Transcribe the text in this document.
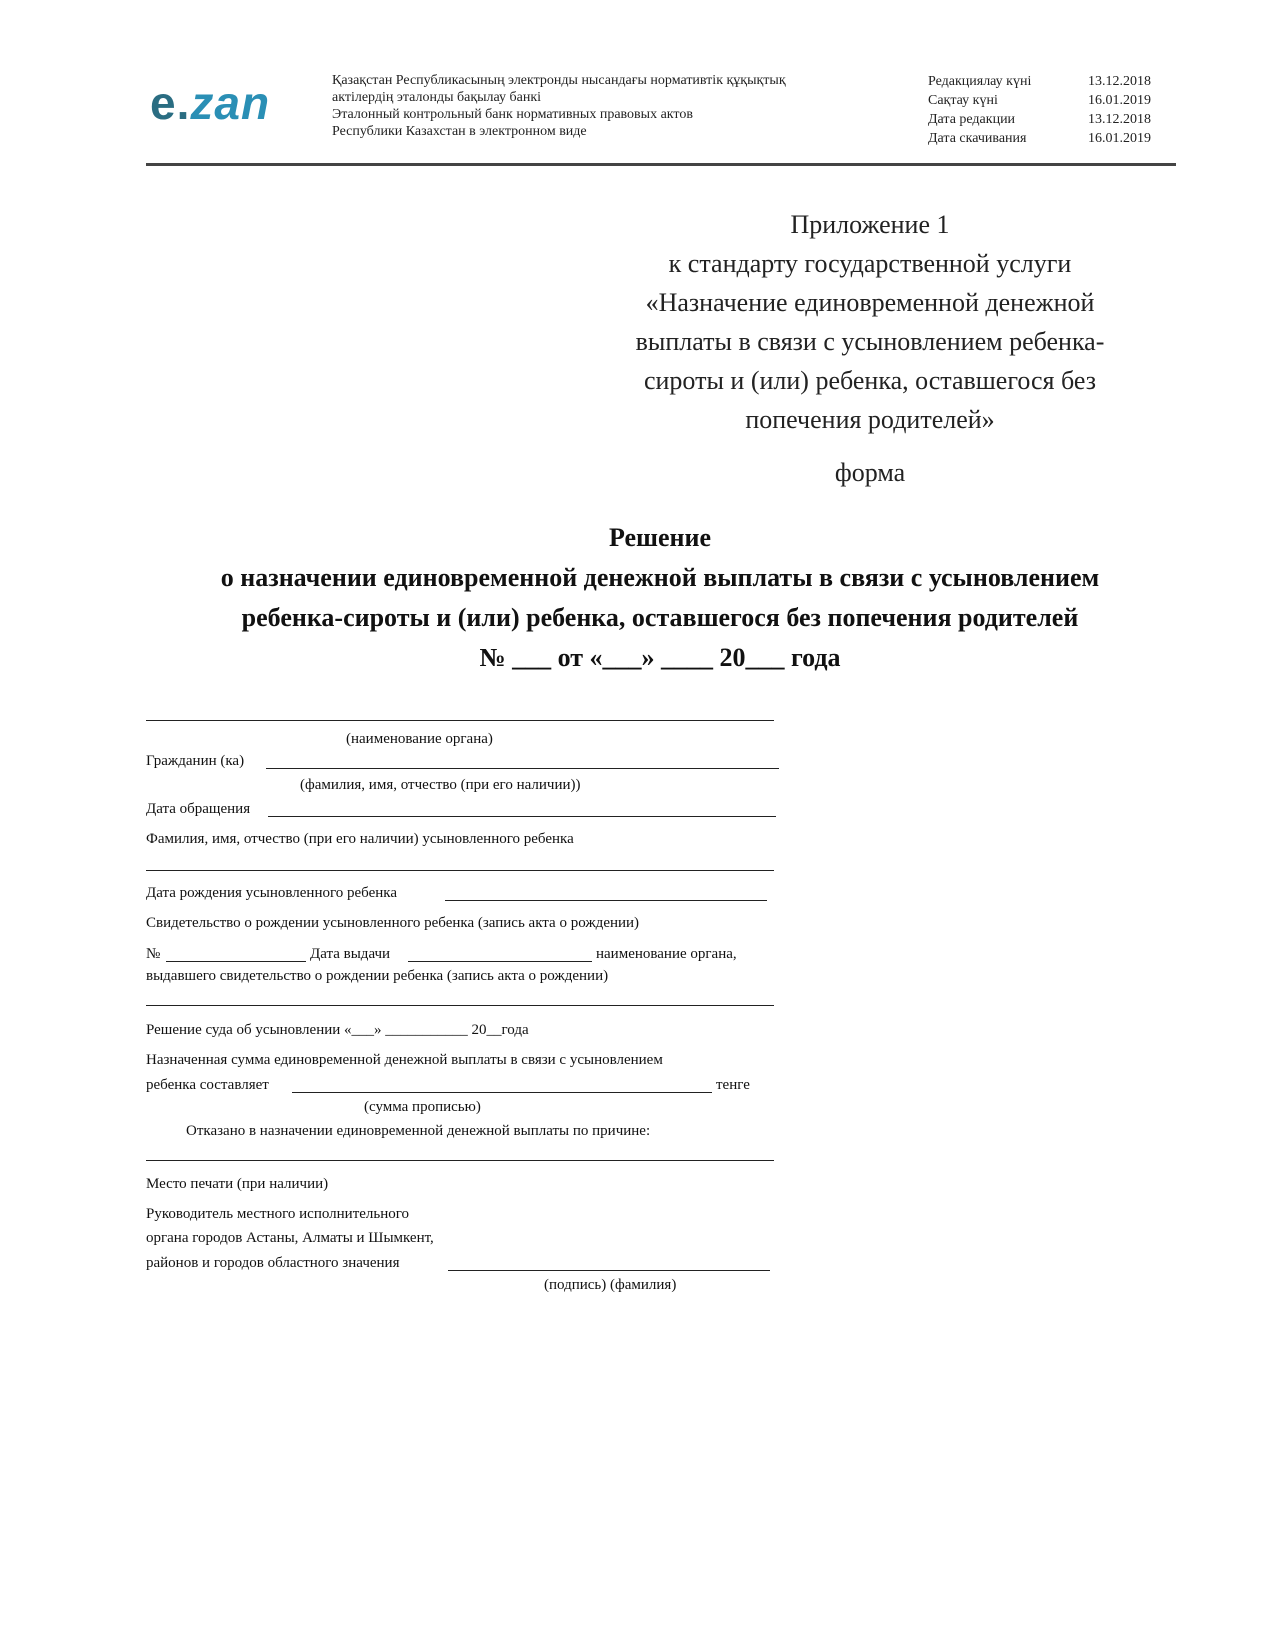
e.zan	Қазақстан Республикасының электронды нысандағы нормативтік құқықтық
актілердің эталонды бақылау банкі
Эталонный контрольный банк нормативных правовых актов
Республики Казахстан в электронном виде
Редакциялау күні	13.12.2018
Сақтау күні	16.01.2019
Дата редакции	13.12.2018
Дата скачивания	16.01.2019
Приложение 1
к стандарту государственной услуги
«Назначение единовременной денежной
выплаты в связи с усыновлением ребенка-
сироты и (или) ребенка, оставшегося без
попечения родителей»
форма
Решение
о назначении единовременной денежной выплаты в связи с усыновлением
ребенка-сироты и (или) ребенка, оставшегося без попечения родителей
№ ___ от «___» ____ 20___ года
(наименование органа)
Гражданин (ка)
(фамилия, имя, отчество (при его наличии))
Дата обращения
Фамилия, имя, отчество (при его наличии) усыновленного ребенка
Дата рождения усыновленного ребенка
Свидетельство о рождении усыновленного ребенка (запись акта о рождении)
№	Дата выдачи	наименование органа,
выдавшего свидетельство о рождении ребенка (запись акта о рождении)
Решение суда об усыновлении «___» ___________ 20__года
Назначенная сумма единовременной денежной выплаты в связи с усыновлением
ребенка составляет	тенге
(сумма прописью)
Отказано в назначении единовременной денежной выплаты по причине:
Место печати (при наличии)
Руководитель местного исполнительного
органа городов Астаны, Алматы и Шымкент,
районов и городов областного значения
(подпись) (фамилия)
